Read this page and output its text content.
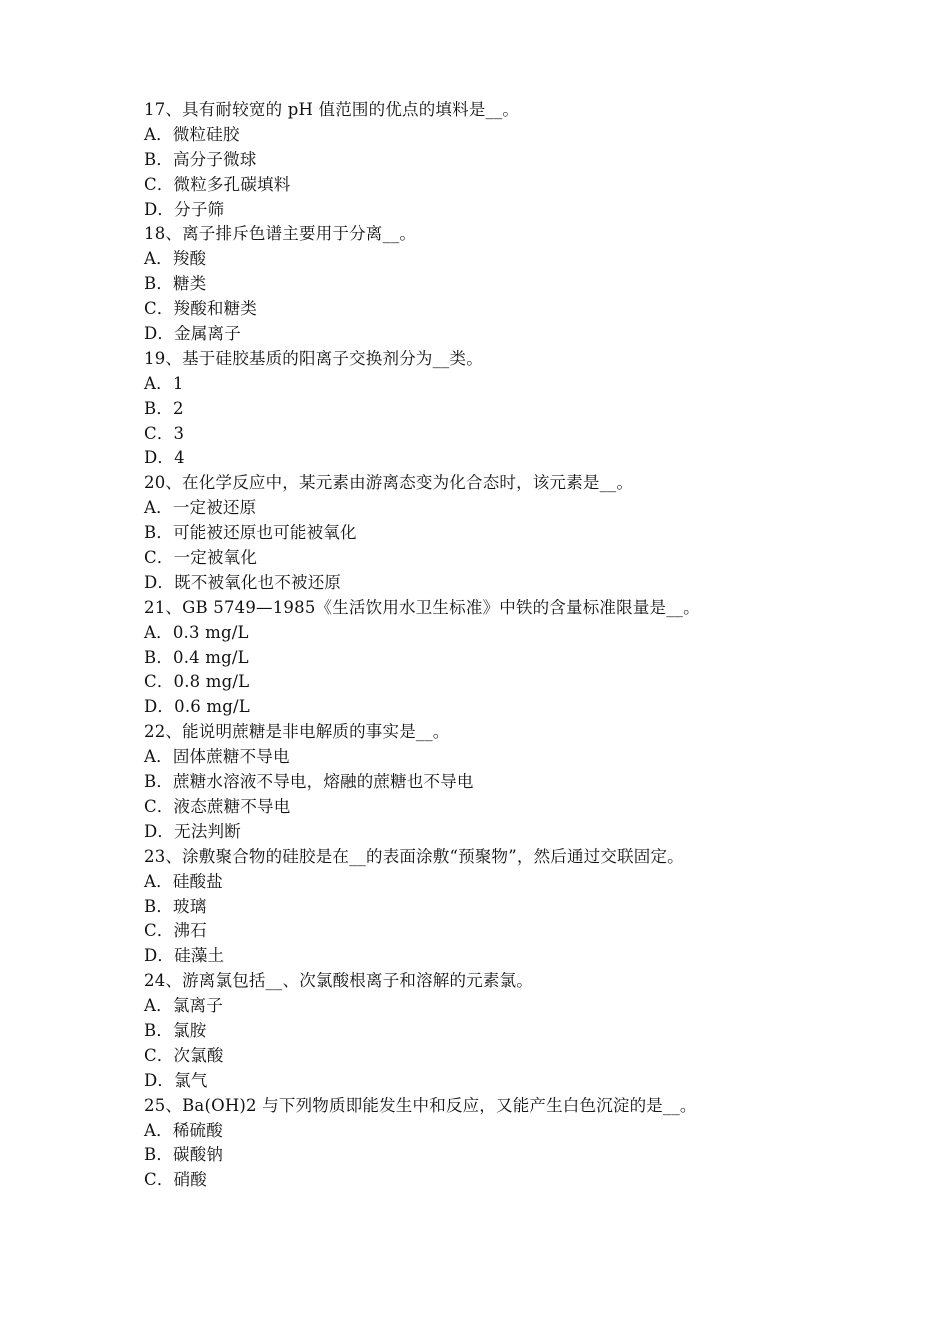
17、具有耐较宽的 pH 值范围的优点的填料是__。
A．微粒硅胶
B．高分子微球
C．微粒多孔碳填料
D．分子筛
18、离子排斥色谱主要用于分离__。
A．羧酸
B．糖类
C．羧酸和糖类
D．金属离子
19、基于硅胶基质的阳离子交换剂分为__类。
A．1
B．2
C．3
D．4
20、在化学反应中，某元素由游离态变为化合态时，该元素是__。
A．一定被还原
B．可能被还原也可能被氧化
C．一定被氧化
D．既不被氧化也不被还原
21、GB 5749—1985《生活饮用水卫生标准》中铁的含量标准限量是__。
A．0.3 mg/L
B．0.4 mg/L
C．0.8 mg/L
D．0.6 mg/L
22、能说明蔗糖是非电解质的事实是__。
A．固体蔗糖不导电
B．蔗糖水溶液不导电，熔融的蔗糖也不导电
C．液态蔗糖不导电
D．无法判断
23、涂敷聚合物的硅胶是在__的表面涂敷“预聚物”，然后通过交联固定。
A．硅酸盐
B．玻璃
C．沸石
D．硅藻土
24、游离氯包括__、次氯酸根离子和溶解的元素氯。
A．氯离子
B．氯胺
C．次氯酸
D．氯气
25、Ba(OH)2 与下列物质即能发生中和反应，又能产生白色沉淀的是__。
A．稀硫酸
B．碳酸钠
C．硝酸
